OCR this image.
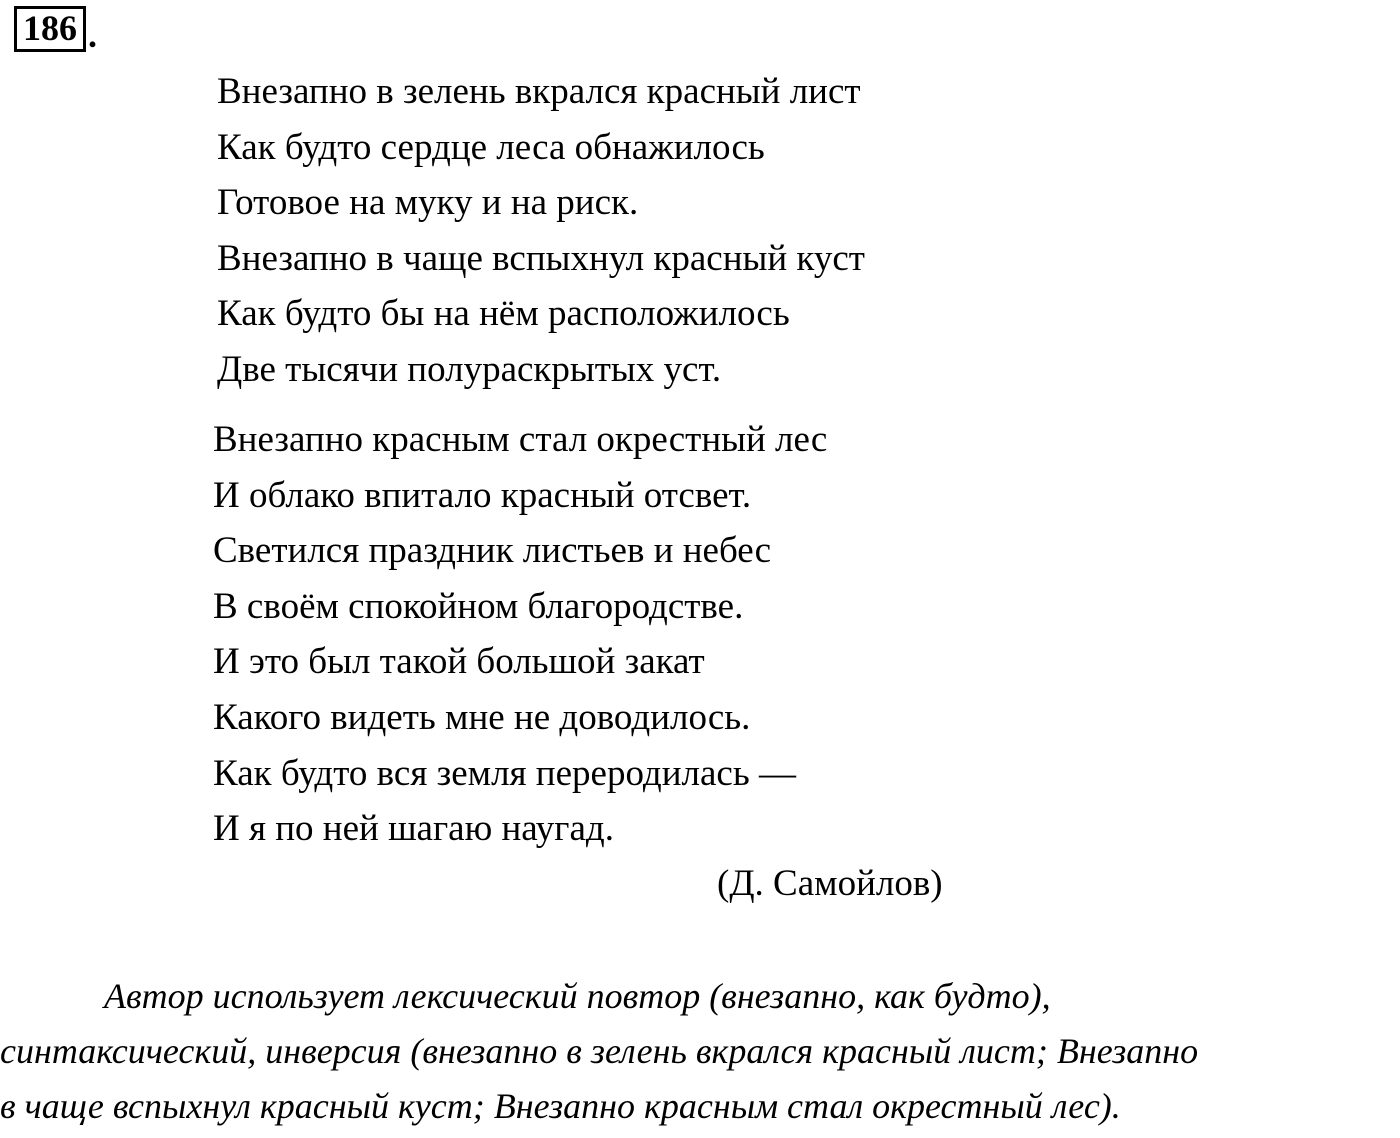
186 .
Внезапно в зелень вкрался красный лист
Как будто сердце леса обнажилось
Готовое на муку и на риск.
Внезапно в чаще вспыхнул красный куст
Как будто бы на нём расположилось
Две тысячи полураскрытых уст.
Внезапно красным стал окрестный лес
И облако впитало красный отсвет.
Светился праздник листьев и небес
В своём спокойном благородстве.
И это был такой большой закат
Какого видеть мне не доводилось.
Как будто вся земля переродилась —
И я по ней шагаю наугад.
(Д. Самойлов)
Автор использует лексический повтор (внезапно, как будто),
синтаксический, инверсия (внезапно в зелень вкрался красный лист; Внезапно
в чаще вспыхнул красный куст; Внезапно красным стал окрестный лес).
